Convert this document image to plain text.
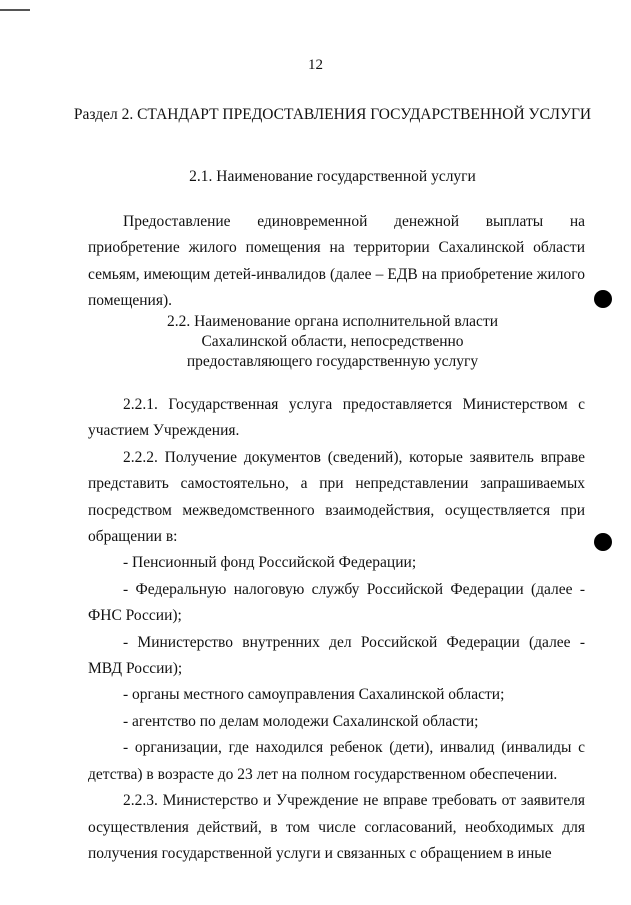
12
Раздел 2. СТАНДАРТ ПРЕДОСТАВЛЕНИЯ ГОСУДАРСТВЕННОЙ УСЛУГИ
2.1. Наименование государственной услуги

Предоставление единовременной денежной выплаты на приобретение жилого помещения на территории Сахалинской области семьям, имеющим детей-инвалидов (далее – ЕДВ на приобретение жилого помещения).

2.2. Наименование органа исполнительной власти
Сахалинской области, непосредственно
предоставляющего государственную услугу

2.2.1. Государственная услуга предоставляется Министерством с участием Учреждения.

2.2.2. Получение документов (сведений), которые заявитель вправе представить самостоятельно, а при непредставлении запрашиваемых посредством межведомственного взаимодействия, осуществляется при обращении в:

- Пенсионный фонд Российской Федерации;

- Федеральную налоговую службу Российской Федерации (далее - ФНС России);

- Министерство внутренних дел Российской Федерации (далее - МВД России);

- органы местного самоуправления Сахалинской области;

- агентство по делам молодежи Сахалинской области;

- организации, где находился ребенок (дети), инвалид (инвалиды с детства) в возрасте до 23 лет на полном государственном обеспечении.

2.2.3. Министерство и Учреждение не вправе требовать от заявителя осуществления действий, в том числе согласований, необходимых для получения государственной услуги и связанных с обращением в иные
